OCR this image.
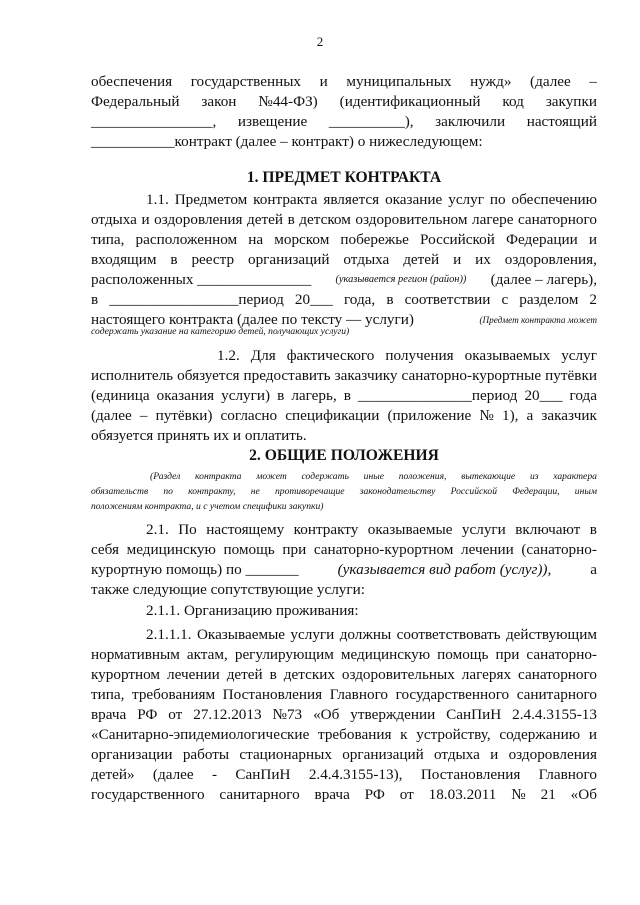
2
обеспечения государственных и муниципальных нужд» (далее –
Федеральный закон №44-ФЗ) (идентификационный код закупки
________________, извещение __________), заключили настоящий
___________контракт (далее – контракт) о нижеследующем:
1. ПРЕДМЕТ КОНТРАКТА
1.1. Предметом контракта является оказание услуг по обеспечению
отдыха и оздоровления детей в детском оздоровительном лагере санаторного
типа, расположенном на морском побережье Российской Федерации и
входящим в реестр организаций отдыха детей и их оздоровления,
расположенных _______________ (указывается регион (район)) (далее – лагерь),
в _________________период 20___ года, в соответствии с разделом 2
настоящего контракта (далее по тексту — услуги)	(Предмет контракта может
содержать указание на категорию детей, получающих услуги)
1.2. Для фактического получения оказываемых услуг
исполнитель обязуется предоставить заказчику санаторно-курортные путёвки
(единица оказания услуги) в лагерь, в _______________период 20___ года
(далее – путёвки) согласно спецификации (приложение № 1), а заказчик
обязуется принять их и оплатить.
2. ОБЩИЕ ПОЛОЖЕНИЯ
(Раздел контракта может содержать иные положения, вытекающие из характера
обязательств по контракту, не противоречащие законодательству Российской Федерации, иным
положениям контракта, и с учетом специфики закупки)
2.1. По настоящему контракту оказываемые услуги включают в
себя медицинскую помощь при санаторно-курортном лечении (санаторно-
курортную помощь) по _______	(указывается вид работ (услуг)),	а
также следующие сопутствующие услуги:
2.1.1. Организацию проживания:
2.1.1.1. Оказываемые услуги должны соответствовать действующим
нормативным актам, регулирующим медицинскую помощь при санаторно-
курортном лечении детей в детских оздоровительных лагерях санаторного
типа, требованиям Постановления Главного государственного санитарного
врача РФ от 27.12.2013 №73 «Об утверждении СанПиН 2.4.4.3155-13
«Санитарно-эпидемиологические требования к устройству, содержанию и
организации работы стационарных организаций отдыха и оздоровления
детей» (далее - СанПиН 2.4.4.3155-13), Постановления Главного
государственного санитарного врача РФ от 18.03.2011 № 21 «Об
